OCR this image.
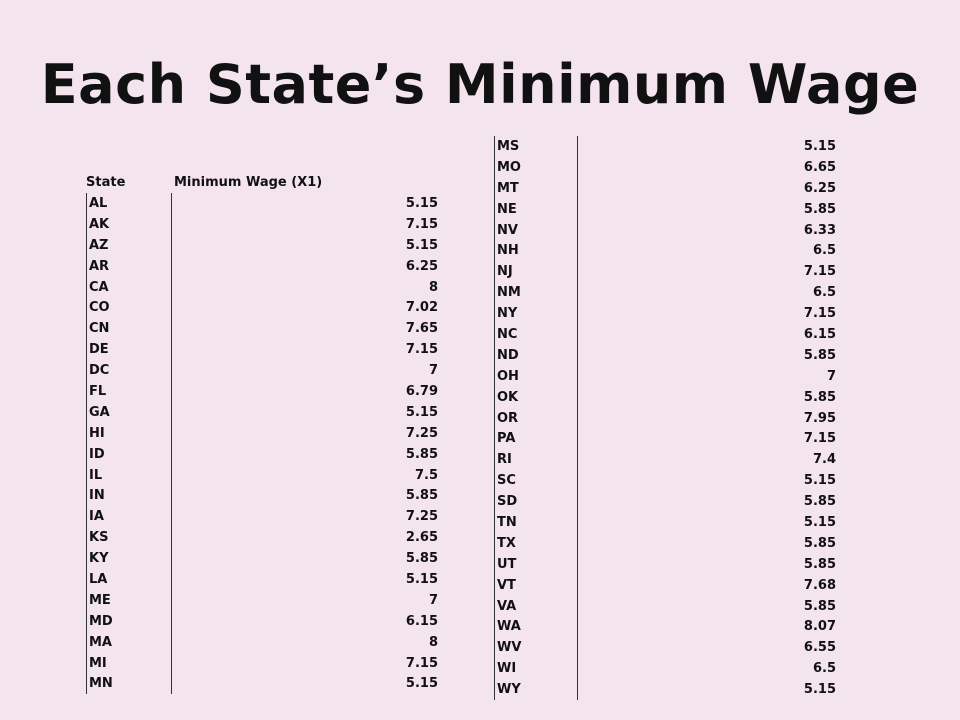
Each State’s Minimum Wage
State	Minimum Wage (X1)
AL	5.15
AK	7.15
AZ	5.15
AR	6.25
CA	8
CO	7.02
CN	7.65
DE	7.15
DC	7
FL	6.79
GA	5.15
HI	7.25
ID	5.85
IL	7.5
IN	5.85
IA	7.25
KS	2.65
KY	5.85
LA	5.15
ME	7
MD	6.15
MA	8
MI	7.15
MN	5.15
MS	5.15
MO	6.65
MT	6.25
NE	5.85
NV	6.33
NH	6.5
NJ	7.15
NM	6.5
NY	7.15
NC	6.15
ND	5.85
OH	7
OK	5.85
OR	7.95
PA	7.15
RI	7.4
SC	5.15
SD	5.85
TN	5.15
TX	5.85
UT	5.85
VT	7.68
VA	5.85
WA	8.07
WV	6.55
WI	6.5
WY	5.15
